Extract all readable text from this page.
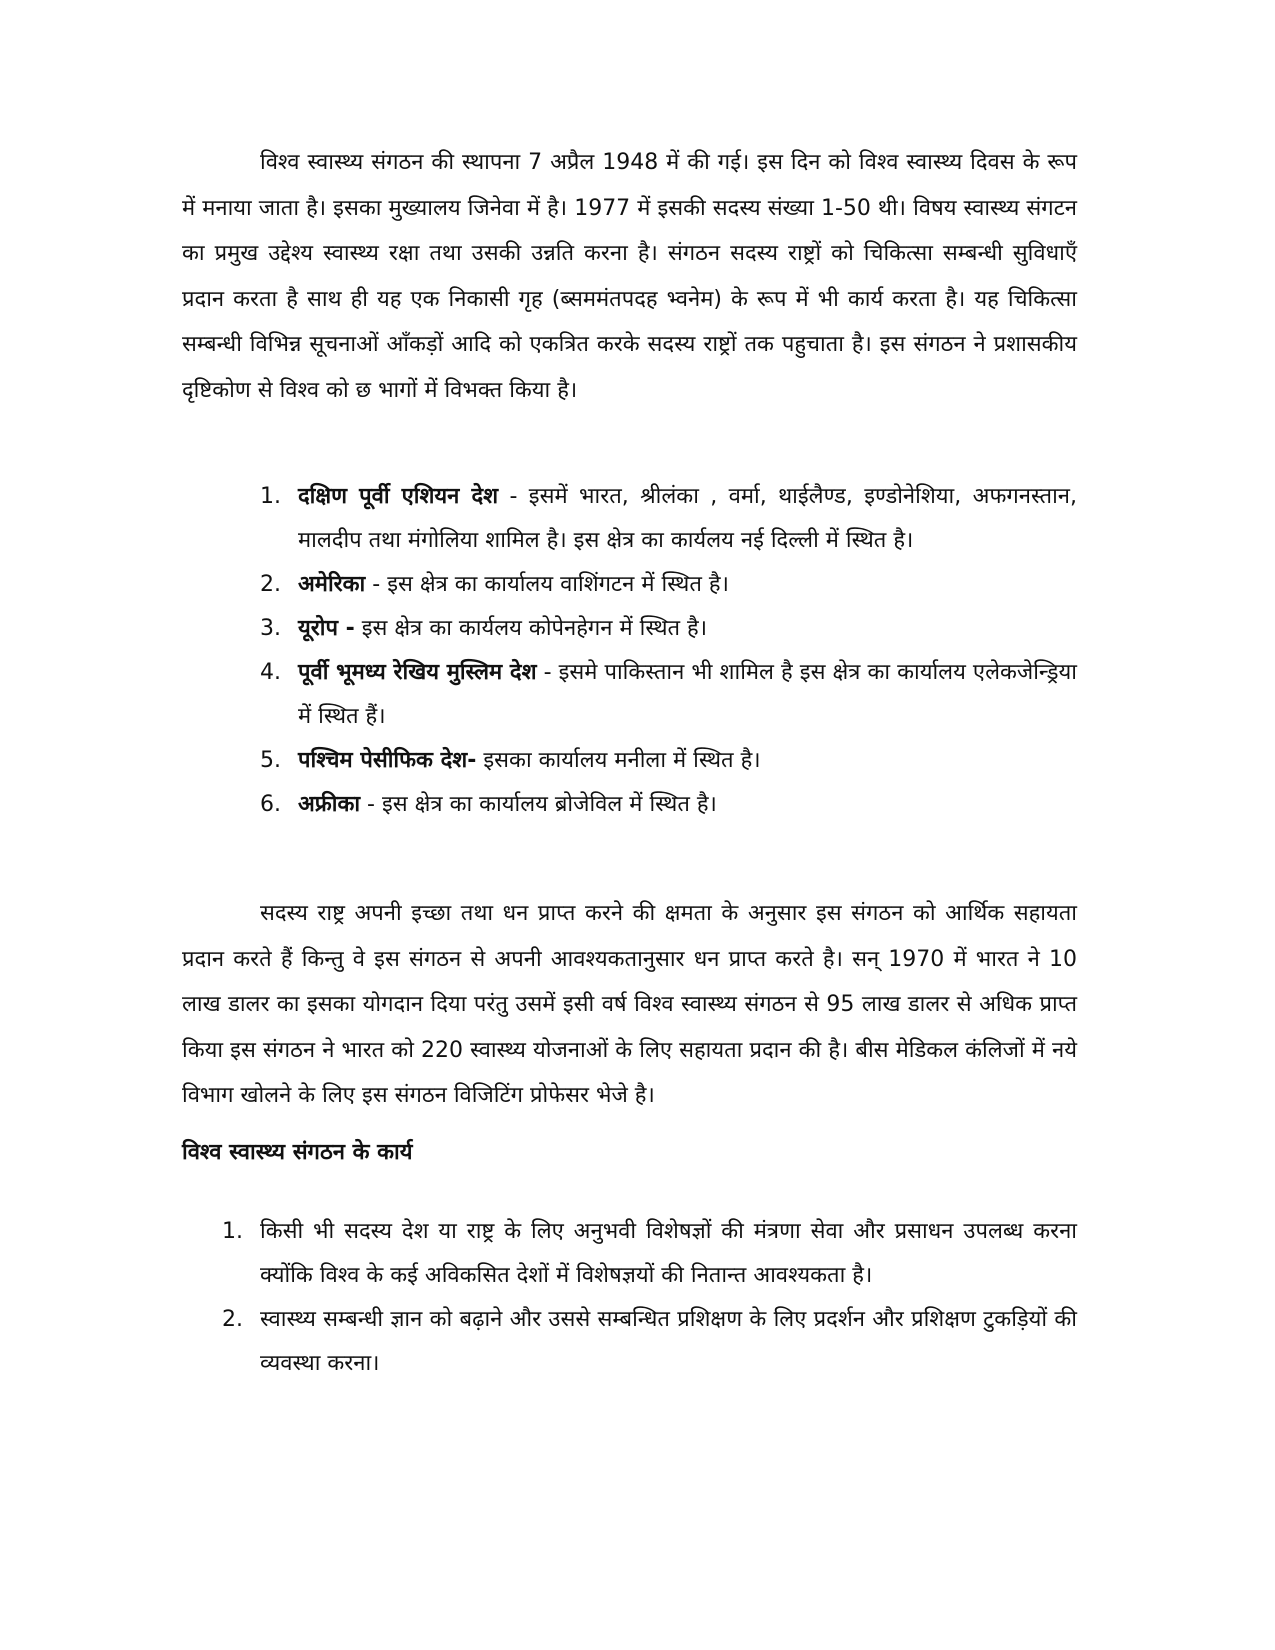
विश्व स्वास्थ्य संगठन की स्थापना 7 अप्रैल 1948 में की गई। इस दिन को विश्व स्वास्थ्य दिवस के रूप में मनाया जाता है। इसका मुख्यालय जिनेवा में है। 1977 में इसकी सदस्य संख्या 1-50 थी। विषय स्वास्थ्य संगटन का प्रमुख उद्देश्य स्वास्थ्य रक्षा तथा उसकी उन्नति करना है। संगठन सदस्य राष्ट्रों को चिकित्सा सम्बन्धी सुविधाएँ प्रदान करता है साथ ही यह एक निकासी गृह (ब्सममंतपदह भ्वनेम) के रूप में भी कार्य करता है। यह चिकित्सा सम्बन्धी विभिन्न सूचनाओं आँकड़ों आदि को एकत्रित करके सदस्य राष्ट्रों तक पहुचाता है। इस संगठन ने प्रशासकीय दृष्टिकोण से विश्व को छ भागों में विभक्त किया है।

1. दक्षिण पूर्वी एशियन देश - इसमें भारत, श्रीलंका , वर्मा, थाईलैण्ड, इण्डोनेशिया, अफगनस्तान, मालदीप तथा मंगोलिया शामिल है। इस क्षेत्र का कार्यलय नई दिल्ली में स्थित है।
2. अमेरिका - इस क्षेत्र का कार्यालय वाशिंगटन में स्थित है।
3. यूरोप - इस क्षेत्र का कार्यलय कोपेनहेगन में स्थित है।
4. पूर्वी भूमध्य रेखिय मुस्लिम देश - इसमे पाकिस्तान भी शामिल है इस क्षेत्र का कार्यालय एलेकजेन्ड्रिया में स्थित हैं।
5. पश्चिम पेसीफिक देश- इसका कार्यालय मनीला में स्थित है।
6. अफ्रीका - इस क्षेत्र का कार्यालय ब्रोजेविल में स्थित है।

सदस्य राष्ट्र अपनी इच्छा तथा धन प्राप्त करने की क्षमता के अनुसार इस संगठन को आर्थिक सहायता प्रदान करते हैं किन्तु वे इस संगठन से अपनी आवश्यकतानुसार धन प्राप्त करते है। सन् 1970 में भारत ने 10 लाख डालर का इसका योगदान दिया परंतु उसमें इसी वर्ष विश्व स्वास्थ्य संगठन से 95 लाख डालर से अधिक प्राप्त किया इस संगठन ने भारत को 220 स्वास्थ्य योजनाओं के लिए सहायता प्रदान की है। बीस मेडिकल कंलिजों में नये विभाग खोलने के लिए इस संगठन विजिटिंग प्रोफेसर भेजे है।

विश्व स्वास्थ्य संगठन के कार्य
1. किसी भी सदस्य देश या राष्ट्र के लिए अनुभवी विशेषज्ञों की मंत्रणा सेवा और प्रसाधन उपलब्ध करना क्योंकि विश्व के कई अविकसित देशों में विशेषज्ञयों की नितान्त आवश्यकता है।
2. स्वास्थ्य सम्बन्धी ज्ञान को बढ़ाने और उससे सम्बन्धित प्रशिक्षण के लिए प्रदर्शन और प्रशिक्षण टुकड़ियों की व्यवस्था करना।
